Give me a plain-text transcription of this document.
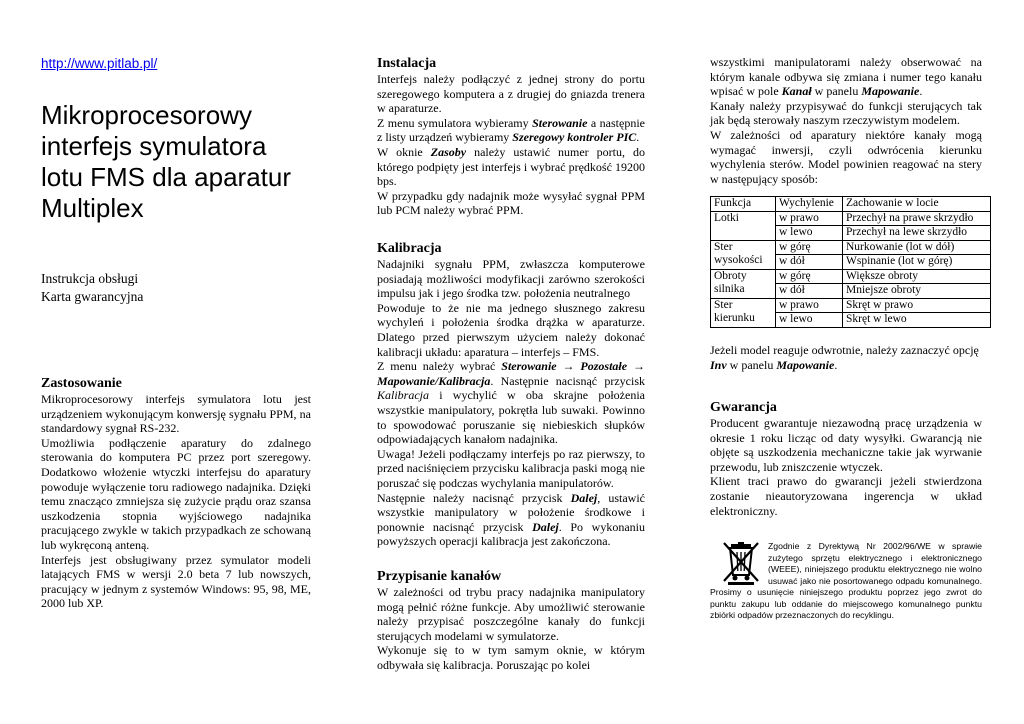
http://www.pitlab.pl/
Mikroprocesorowy
interfejs symulatora
lotu FMS dla aparatur
Multiplex
Instrukcja obsługi
Karta gwarancyjna

Zastosowanie

Mikroprocesorowy interfejs symulatora lotu jest urządzeniem wykonującym konwersję sygnału PPM, na standardowy sygnał RS-232.

Umożliwia podłączenie aparatury do zdalnego sterowania do komputera PC przez port szeregowy. Dodatkowo włożenie wtyczki interfejsu do aparatury powoduje wyłączenie toru radiowego nadajnika. Dzięki temu znacząco zmniejsza się zużycie prądu oraz szansa uszkodzenia stopnia wyjściowego nadajnika pracującego zwykle w takich przypadkach ze schowaną lub wykręconą anteną.

Interfejs jest obsługiwany przez symulator modeli latających FMS w wersji 2.0 beta 7 lub nowszych, pracujący w jednym z systemów Windows: 95, 98, ME, 2000 lub XP.

Instalacja

Interfejs należy podłączyć z jednej strony do portu szeregowego komputera a z drugiej do gniazda trenera w aparaturze.

Z menu symulatora wybieramy Sterowanie a następnie z listy urządzeń wybieramy Szeregowy kontroler PIC.

W oknie Zasoby należy ustawić numer portu, do którego podpięty jest interfejs i wybrać prędkość 19200 bps.

W przypadku gdy nadajnik może wysyłać sygnał PPM lub PCM należy wybrać PPM.

Kalibracja

Nadajniki sygnału PPM, zwłaszcza komputerowe posiadają możliwości modyfikacji zarówno szerokości impulsu jak i jego środka tzw. położenia neutralnego

Powoduje to że nie ma jednego słusznego zakresu wychyleń i położenia środka drążka w aparaturze. Dlatego przed pierwszym użyciem należy dokonać kalibracji układu: aparatura – interfejs – FMS.

Z menu należy wybrać Sterowanie → Pozostałe → Mapowanie/Kalibracja. Następnie nacisnąć przycisk Kalibracja i wychylić w oba skrajne położenia wszystkie manipulatory, pokrętła lub suwaki. Powinno to spowodować poruszanie się niebieskich słupków odpowiadających kanałom nadajnika.

Uwaga! Jeżeli podłączamy interfejs po raz pierwszy, to przed naciśnięciem przycisku kalibracja paski mogą nie poruszać się podczas wychylania manipulatorów.

Następnie należy nacisnąć przycisk Dalej, ustawić wszystkie manipulatory w położenie środkowe i ponownie nacisnąć przycisk Dalej. Po wykonaniu powyższych operacji kalibracja jest zakończona.

Przypisanie kanałów

W zależności od trybu pracy nadajnika manipulatory mogą pełnić różne funkcje. Aby umożliwić sterowanie należy przypisać poszczególne kanały do funkcji sterujących modelami w symulatorze.

Wykonuje się to w tym samym oknie, w którym odbywała się kalibracja. Poruszając po kolei

wszystkimi manipulatorami należy obserwować na którym kanale odbywa się zmiana i numer tego kanału wpisać w pole Kanał w panelu Mapowanie.

Kanały należy przypisywać do funkcji sterujących tak jak będą sterowały naszym rzeczywistym modelem.

W zależności od aparatury niektóre kanały mogą wymagać inwersji, czyli odwrócenia kierunku wychylenia sterów. Model powinien reagować na stery w następujący sposób:

Funkcja	Wychylenie	Zachowanie w locie
Lotki	w prawo	Przechył na prawe skrzydło
	w lewo	Przechył na lewe skrzydło
Ster wysokości	w górę	Nurkowanie (lot w dół)
	w dół	Wspinanie (lot w górę)
Obroty silnika	w górę	Większe obroty
	w dół	Mniejsze obroty
Ster kierunku	w prawo	Skręt w prawo
	w lewo	Skręt w lewo

Jeżeli model reaguje odwrotnie, należy zaznaczyć opcję Inv w panelu Mapowanie.

Gwarancja

Producent gwarantuje niezawodną pracę urządzenia w okresie 1 roku licząc od daty wysyłki. Gwarancją nie objęte są uszkodzenia mechaniczne takie jak wyrwanie przewodu, lub zniszczenie wtyczek.

Klient traci prawo do gwarancji jeżeli stwierdzona zostanie nieautoryzowana ingerencja w układ elektroniczny.

Zgodnie z Dyrektywą Nr 2002/96/WE w sprawie zużytego sprzętu elektrycznego i elektronicznego (WEEE), niniejszego produktu elektrycznego nie wolno usuwać jako nie posortowanego odpadu komunalnego. Prosimy o usunięcie niniejszego produktu poprzez jego zwrot do punktu zakupu lub oddanie do miejscowego komunalnego punktu zbiórki odpadów przeznaczonych do recyklingu.
